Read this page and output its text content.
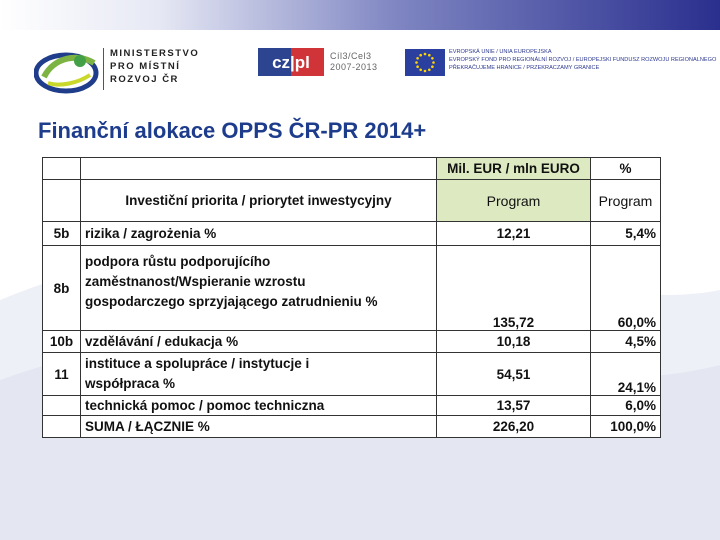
MINISTERSTVO
PRO MÍSTNÍ
ROZVOJ ČR
cz|pl Cíl3/Cel3
2007-2013
EVROPSKÁ UNIE / UNIA EUROPEJSKA
EVROPSKÝ FOND PRO REGIONÁLNÍ ROZVOJ / EUROPEJSKI FUNDUSZ ROZWOJU REGIONALNEGO
PŘEKRAČUJEME HRANICE / PRZEKRACZAMY GRANICE
Finanční alokace OPPS ČR-PR 2014+
		Mil. EUR / mln EURO	%
	Investiční priorita / priorytet inwestycyjny	Program	Program
5b	rizika / zagrożenia %	12,21	5,4%
8b	podpora růstu podporujícího
zaměstnanost/Wspieranie wzrostu
gospodarczego sprzyjającego zatrudnieniu %	135,72	60,0%
10b	vzdělávání / edukacja %	10,18	4,5%
11	instituce a spolupráce / instytucje i
współpraca %	54,51	24,1%
	technická pomoc / pomoc techniczna	13,57	6,0%
	SUMA / ŁĄCZNIE %	226,20	100,0%
